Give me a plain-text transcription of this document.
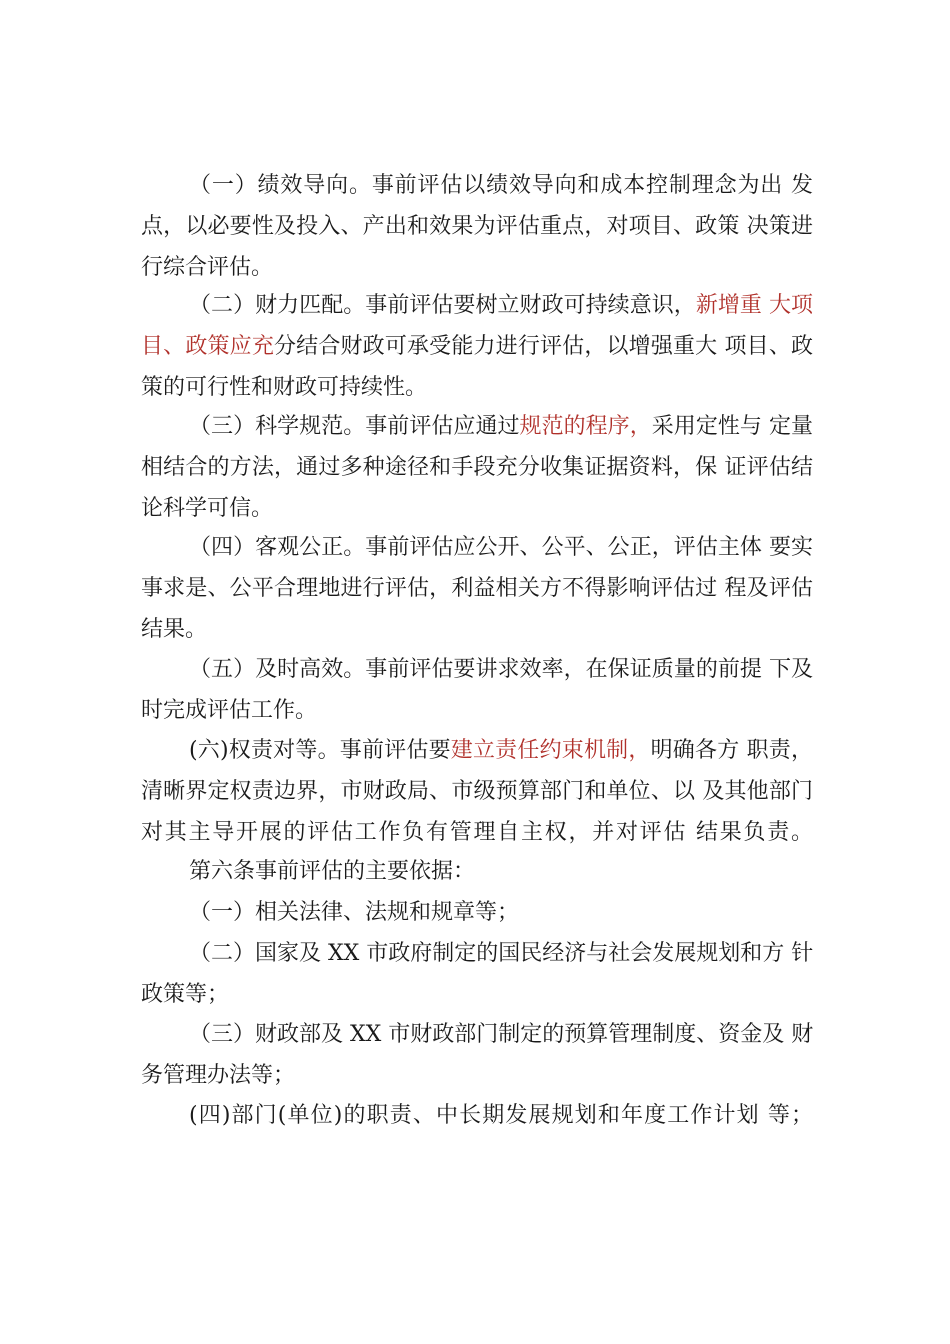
（一）绩效导向。事前评估以绩效导向和成本控制理念为出 发

点，以必要性及投入、产出和效果为评估重点，对项目、政策 决策进

行综合评估。

（二）财力匹配。事前评估要树立财政可持续意识，新增重 大项

目、政策应充分结合财政可承受能力进行评估，以增强重大 项目、政

策的可行性和财政可持续性。

（三）科学规范。事前评估应通过规范的程序，采用定性与 定量

相结合的方法，通过多种途径和手段充分收集证据资料，保 证评估结

论科学可信。

（四）客观公正。事前评估应公开、公平、公正，评估主体 要实

事求是、公平合理地进行评估，利益相关方不得影响评估过 程及评估

结果。

（五）及时高效。事前评估要讲求效率，在保证质量的前提 下及

时完成评估工作。

(六)权责对等。事前评估要建立责任约束机制，明确各方 职责，

清晰界定权责边界，市财政局、市级预算部门和单位、以 及其他部门

对其主导开展的评估工作负有管理自主权，并对评估 结果负责。

第六条事前评估的主要依据：

（一）相关法律、法规和规章等；

（二）国家及 XX 市政府制定的国民经济与社会发展规划和方 针

政策等；

（三）财政部及 XX 市财政部门制定的预算管理制度、资金及 财

务管理办法等；

(四)部门(单位)的职责、中长期发展规划和年度工作计划 等；
